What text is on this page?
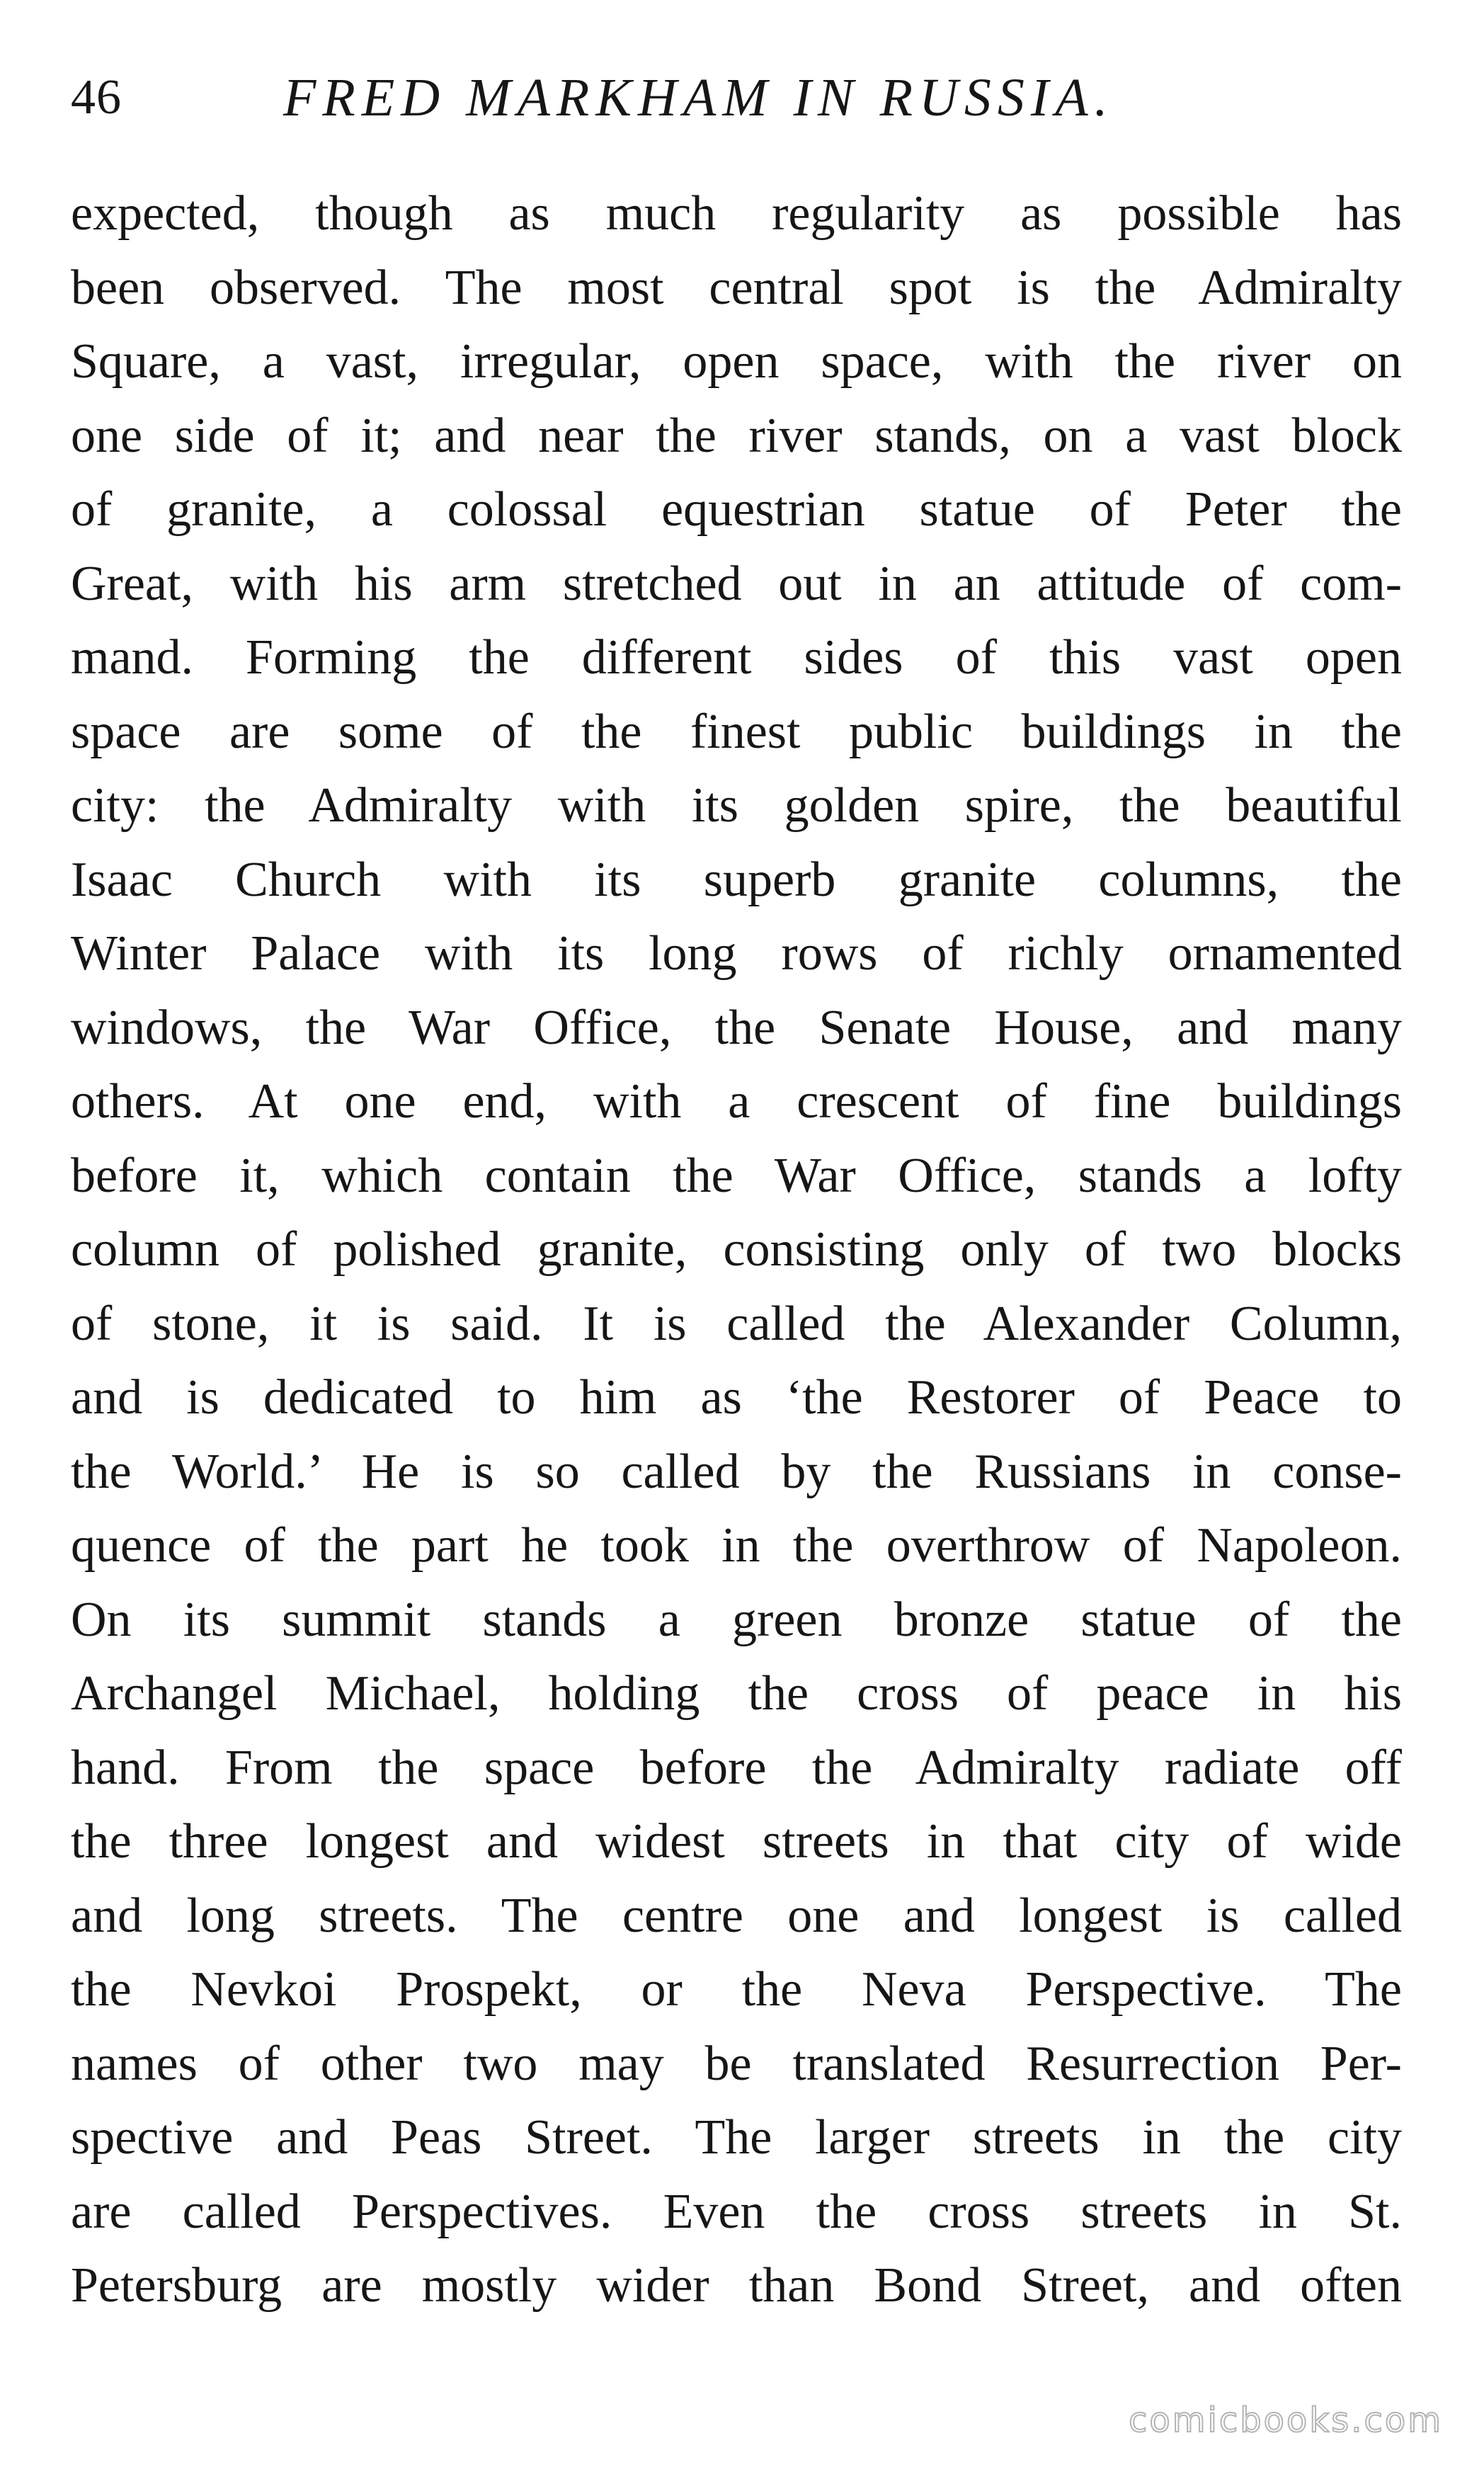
46	FRED MARKHAM IN RUSSIA.
expected, though as much regularity as possible has
been observed. The most central spot is the Admiralty
Square, a vast, irregular, open space, with the river on
one side of it; and near the river stands, on a vast block
of granite, a colossal equestrian statue of Peter the
Great, with his arm stretched out in an attitude of com-
mand. Forming the different sides of this vast open
space are some of the finest public buildings in the
city: the Admiralty with its golden spire, the beautiful
Isaac Church with its superb granite columns, the
Winter Palace with its long rows of richly ornamented
windows, the War Office, the Senate House, and many
others. At one end, with a crescent of fine buildings
before it, which contain the War Office, stands a lofty
column of polished granite, consisting only of two blocks
of stone, it is said. It is called the Alexander Column,
and is dedicated to him as ‘the Restorer of Peace to
the World.’ He is so called by the Russians in conse-
quence of the part he took in the overthrow of Napoleon.
On its summit stands a green bronze statue of the
Archangel Michael, holding the cross of peace in his
hand. From the space before the Admiralty radiate off
the three longest and widest streets in that city of wide
and long streets. The centre one and longest is called
the Nevkoi Prospekt, or the Neva Perspective. The
names of other two may be translated Resurrection Per-
spective and Peas Street. The larger streets in the city
are called Perspectives. Even the cross streets in St.
Petersburg are mostly wider than Bond Street, and often
comicbooks.com
